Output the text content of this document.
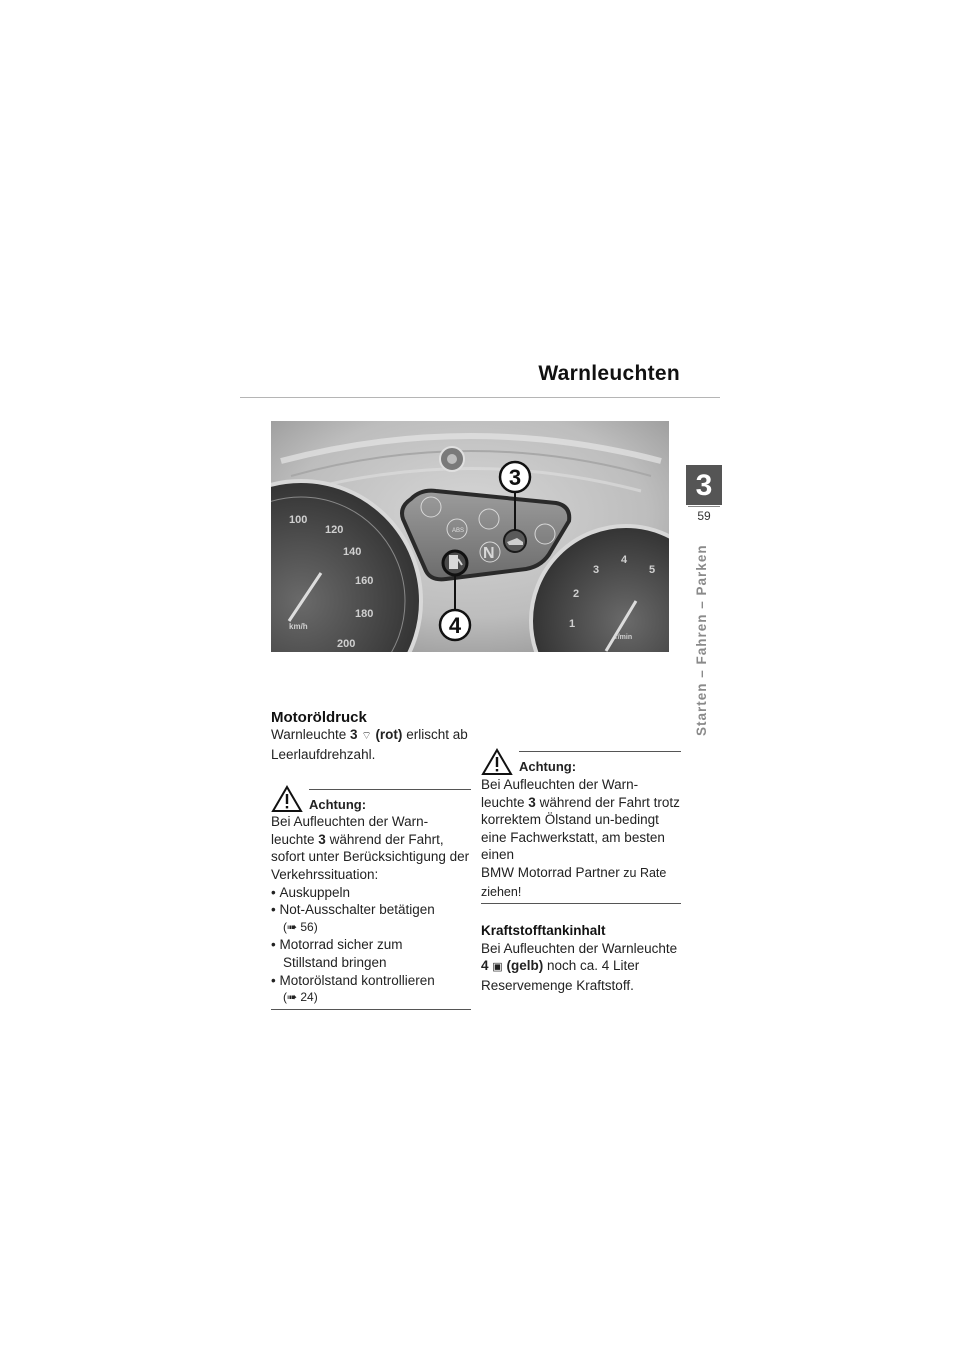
Warnleuchten
3
59
Starten – Fahren – Parken
100
120
140
160
180
200
km/h	1
2
3
4
5
r/min
ABS
N
3
4
Motoröldruck
Warnleuchte 3 ⌔ (rot) erlischt ab Leerlaufdrehzahl.
Achtung:
Bei Aufleuchten der Warn-leuchte 3 während der Fahrt, sofort unter Berücksichtigung der Verkehrssituation:
• Auskuppeln
• Not-Ausschalter betätigen
(➠ 56)
• Motorrad sicher zum
Stillstand bringen
• Motorölstand kontrollieren
(➠ 24)
Achtung:
Bei Aufleuchten der Warn-leuchte 3 während der Fahrt trotz korrektem Ölstand un-bedingt eine Fachwerkstatt, am besten einen
BMW Motorrad Partner zu Rate ziehen!
Kraftstofftankinhalt
Bei Aufleuchten der Warnleuchte 4 ▣ (gelb) noch ca. 4 Liter Reservemenge Kraftstoff.
